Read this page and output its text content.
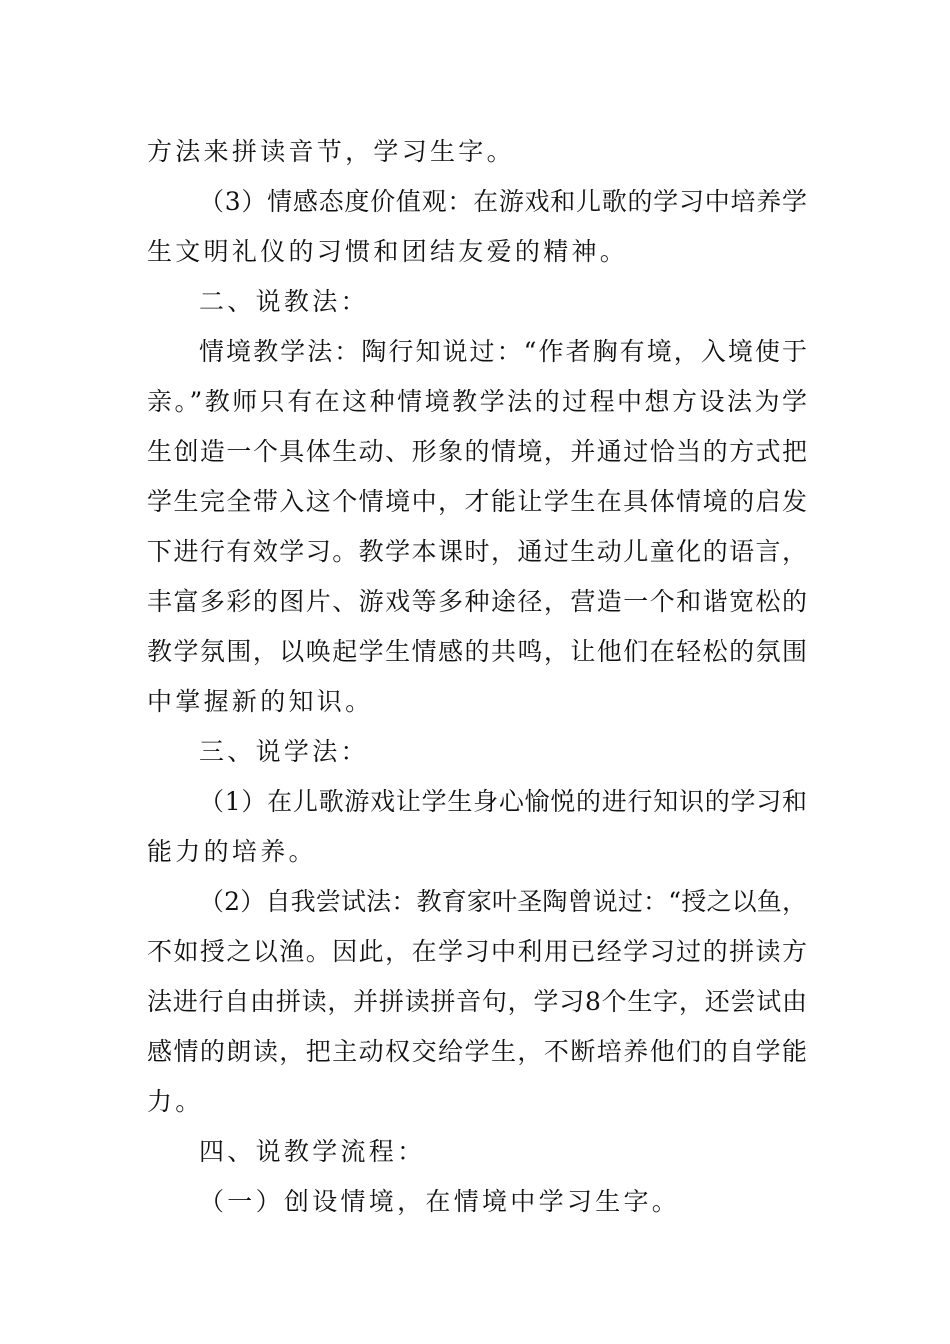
方法来拼读音节，学习生字。
（3）情感态度价值观：在游戏和儿歌的学习中培养学
生文明礼仪的习惯和团结友爱的精神。
二、说教法：
情境教学法：陶行知说过：“作者胸有境，入境使于
亲。”教师只有在这种情境教学法的过程中想方设法为学
生创造一个具体生动、形象的情境，并通过恰当的方式把
学生完全带入这个情境中，才能让学生在具体情境的启发
下进行有效学习。教学本课时，通过生动儿童化的语言，
丰富多彩的图片、游戏等多种途径，营造一个和谐宽松的
教学氛围，以唤起学生情感的共鸣，让他们在轻松的氛围
中掌握新的知识。
三、说学法：
（1）在儿歌游戏让学生身心愉悦的进行知识的学习和
能力的培养。
（2）自我尝试法：教育家叶圣陶曾说过：“授之以鱼，
不如授之以渔。因此，在学习中利用已经学习过的拼读方
法进行自由拼读，并拼读拼音句，学习8个生字，还尝试由
感情的朗读，把主动权交给学生，不断培养他们的自学能
力。
四、说教学流程：
（一）创设情境，在情境中学习生字。
